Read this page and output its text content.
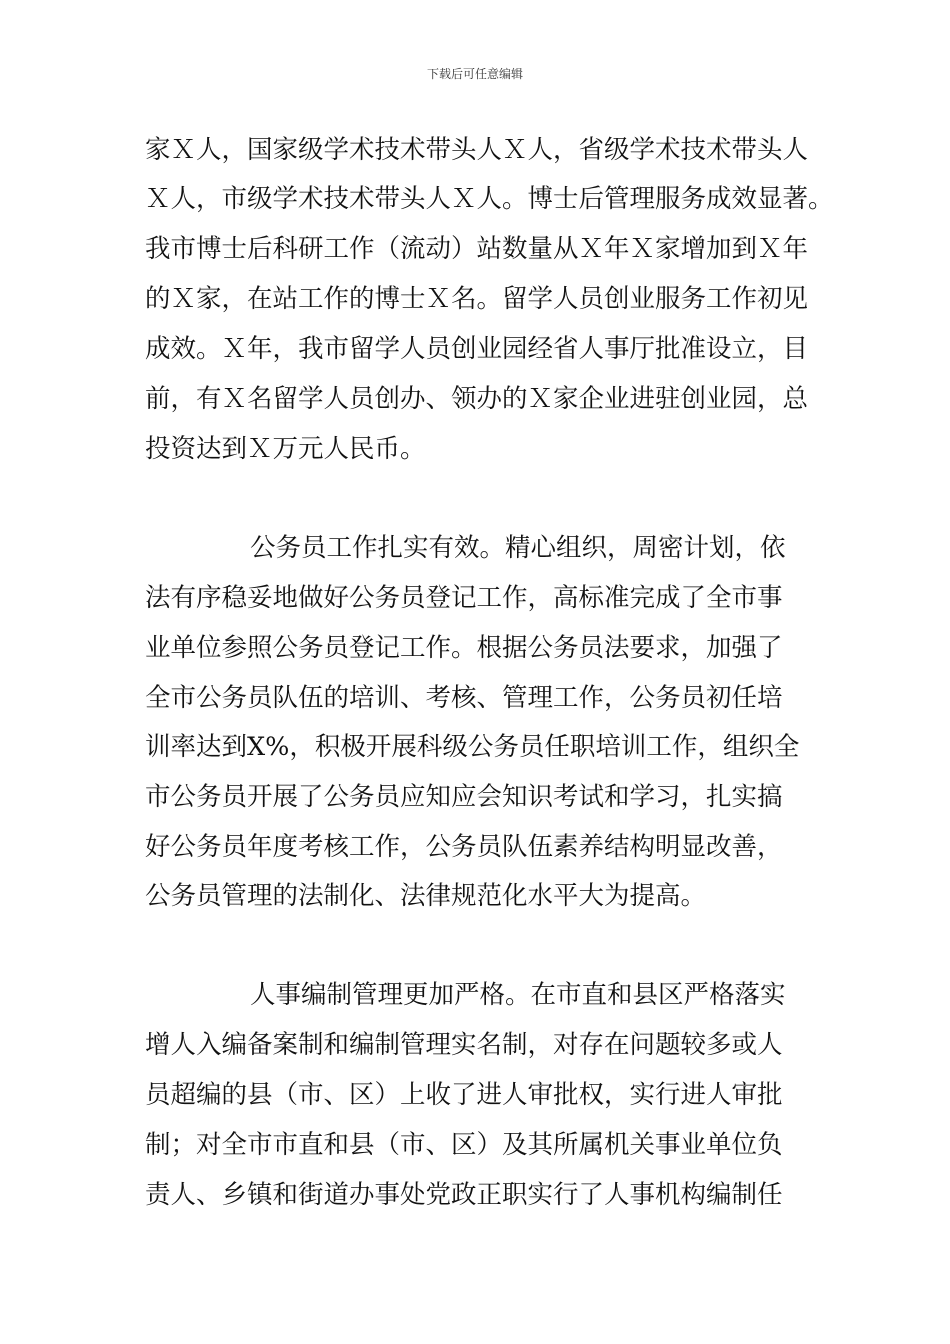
下载后可任意编辑
家Ｘ人，国家级学术技术带头人Ｘ人，省级学术技术带头人
Ｘ人，市级学术技术带头人Ｘ人。博士后管理服务成效显著。
我市博士后科研工作（流动）站数量从Ｘ年Ｘ家增加到Ｘ年
的Ｘ家，在站工作的博士Ｘ名。留学人员创业服务工作初见
成效。Ｘ年，我市留学人员创业园经省人事厅批准设立，目
前，有Ｘ名留学人员创办、领办的Ｘ家企业进驻创业园，总
投资达到Ｘ万元人民币。
公务员工作扎实有效。精心组织，周密计划，依
法有序稳妥地做好公务员登记工作，高标准完成了全市事
业单位参照公务员登记工作。根据公务员法要求，加强了
全市公务员队伍的培训、考核、管理工作，公务员初任培
训率达到X%，积极开展科级公务员任职培训工作，组织全
市公务员开展了公务员应知应会知识考试和学习，扎实搞
好公务员年度考核工作，公务员队伍素养结构明显改善，
公务员管理的法制化、法律规范化水平大为提高。
人事编制管理更加严格。在市直和县区严格落实
增人入编备案制和编制管理实名制，对存在问题较多或人
员超编的县（市、区）上收了进人审批权，实行进人审批
制；对全市市直和县（市、区）及其所属机关事业单位负
责人、乡镇和街道办事处党政正职实行了人事机构编制任
